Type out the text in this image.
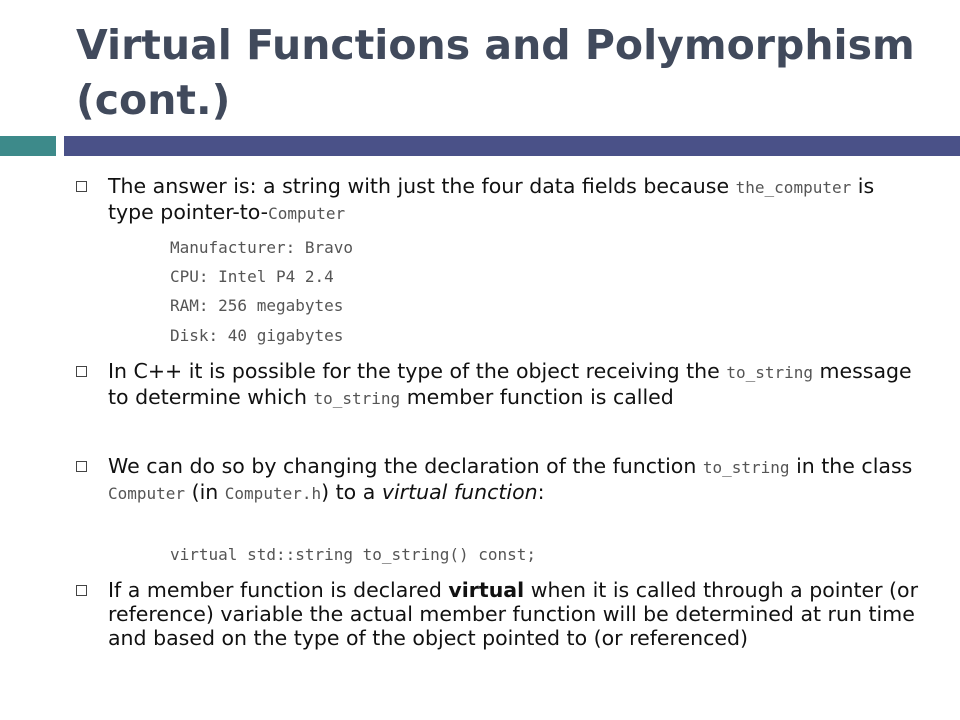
Virtual Functions and Polymorphism
(cont.)
The answer is: a string with just the four data fields because the_computer is type pointer-to-Computer
Manufacturer: Bravo
CPU: Intel P4 2.4
RAM: 256 megabytes
Disk: 40 gigabytes
In C++ it is possible for the type of the object receiving the to_string message to determine which to_string member function is called
We can do so by changing the declaration of the function to_string in the class Computer (in Computer.h) to a virtual function:
virtual std::string to_string() const;
If a member function is declared virtual when it is called through a pointer (or reference) variable the actual member function will be determined at run time and based on the type of the object pointed to (or referenced)
